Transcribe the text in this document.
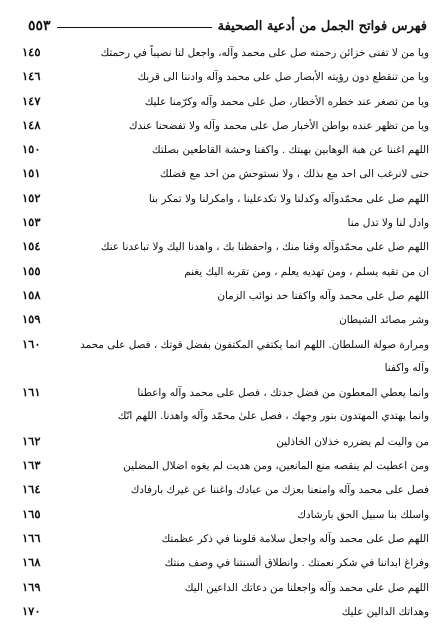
فهرس فواتح الجمل من أدعية الصحيفة
٥٥٣
ويا من لا تفنى خزائن رحمته صل على محمد وآله، واجعل لنا نصيباً في رحمتك
١٤٥
ويا من تنقطع دون رؤيته الأبصار صل على محمد وآله وادننا الى قربك
١٤٦
ويا من تصغر عند خطره الأخطار، صل على محمد وآله وكرّمنا عليك
١٤٧
ويا من تظهر عنده بواطن الأخبار صل على محمد وآله ولا تفضحنا عندك
١٤٨
اللهم اغننا عن هبة الوهابين بهبتك . واكفنا وحشة القاطعين بصلتك
١٥٠
حتى لانرغب الى احد مع بذلك ، ولا نستوحش من احد مع فضلك
١٥١
اللهم صل على محمّدوآله وكدلنا ولا تكدعلينا ، وامكرلنا ولا تمكر بنا
١٥٢
وادل لنا ولا تدل منا
١٥٣
اللهم صل على محمّدوآله وقنا منك ، واحفظنا بك ، واهدنا اليك ولا تباعدنا عنك
١٥٤
ان من تقيه يسلم ، ومن تهديه يعلم ، ومن تقربه اليك يغنم
١٥٥
اللهم صل على محمد وآله واكفنا حد نوائب الزمان
١٥٨
وشر مصائد الشيطان
١٥٩
ومرارة صولة السلطان. اللهم انما يكتفي المكتفون بفضل قوتك ، فصل على محمد
١٦٠
وآله واكفنا
وانما يعطي المعطون من فضل جدتك ، فصل على محمد وآله واعطنا
١٦١
وانما يهتدي المهتدون بنور وجهك ، فصل علىٰ محمّد وآله واهدنا. اللهم انّك
من واليت لم يضرره خذلان الخاذلين
١٦٢
ومن اعطيت لم ينقصه منع المانعين، ومن هديت لم يغوه اضلال المضلين
١٦٣
فصل على محمد وآله وامنعنا بعزك من عبادك واغننا عن غيرك بارفادك
١٦٤
واسلك بنا سبيل الحق بارشادك
١٦٥
اللهم صل على محمد وآله واجعل سلامة قلوبنا في ذكر عظمتك
١٦٦
وفراغ ابداننا في شكر نعمتك . وانطلاق ألسنتنا في وصف منتك
١٦٨
اللهم صل على محمد وآله واجعلنا من دعاتك الداعين اليك
١٦٩
وهداتك الدالين عليك
١٧٠
